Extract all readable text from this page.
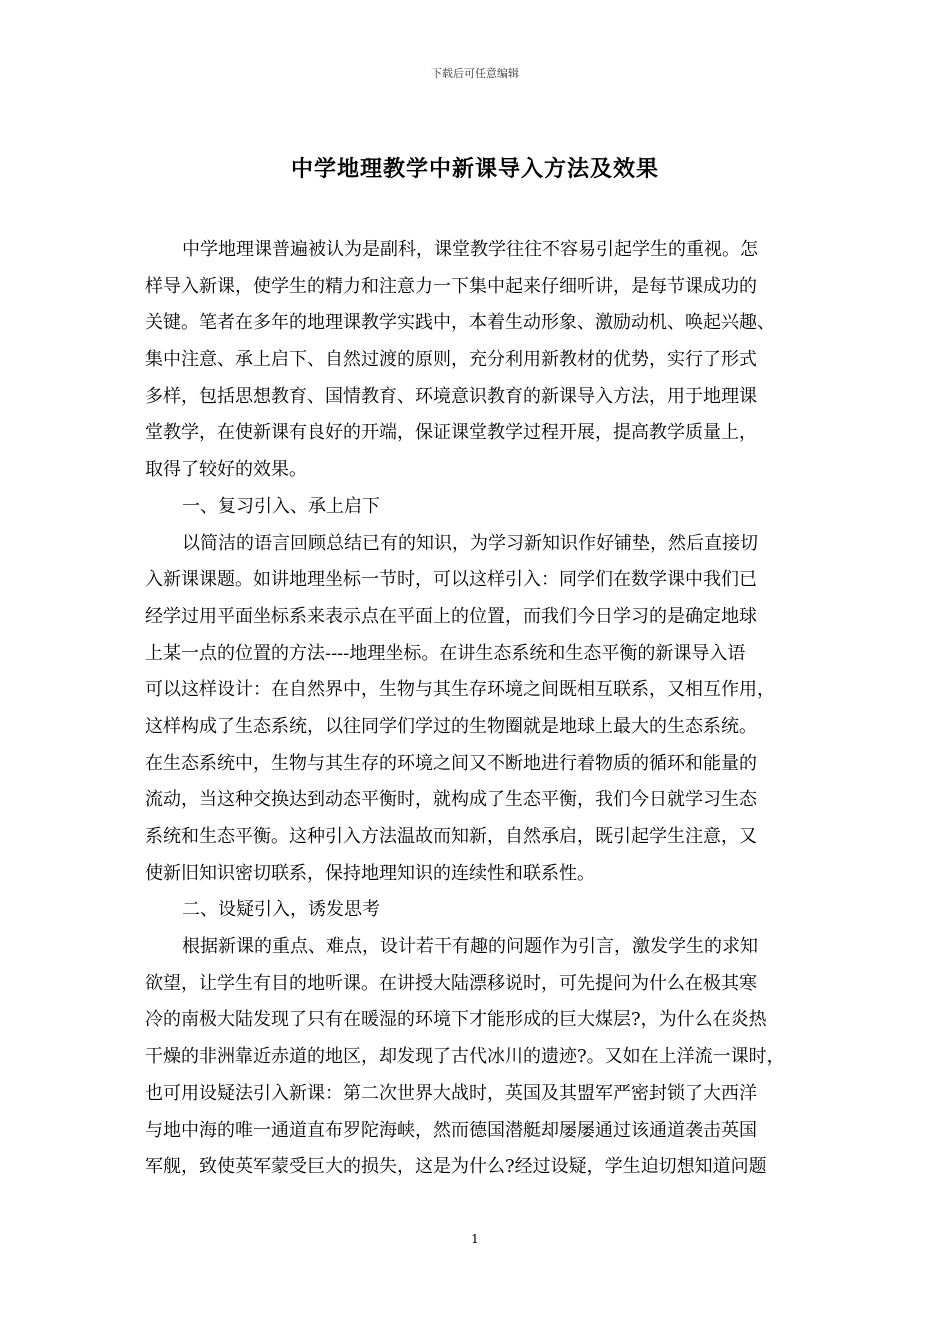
下载后可任意编辑
中学地理教学中新课导入方法及效果
中学地理课普遍被认为是副科，课堂教学往往不容易引起学生的重视。怎
样导入新课，使学生的精力和注意力一下集中起来仔细听讲，是每节课成功的
关键。笔者在多年的地理课教学实践中，本着生动形象、激励动机、唤起兴趣、
集中注意、承上启下、自然过渡的原则，充分利用新教材的优势，实行了形式
多样，包括思想教育、国情教育、环境意识教育的新课导入方法，用于地理课
堂教学，在使新课有良好的开端，保证课堂教学过程开展，提高教学质量上，
取得了较好的效果。
一、复习引入、承上启下
以简洁的语言回顾总结已有的知识，为学习新知识作好铺垫，然后直接切
入新课课题。如讲地理坐标一节时，可以这样引入：同学们在数学课中我们已
经学过用平面坐标系来表示点在平面上的位置，而我们今日学习的是确定地球
上某一点的位置的方法----地理坐标。在讲生态系统和生态平衡的新课导入语
可以这样设计：在自然界中，生物与其生存环境之间既相互联系，又相互作用，
这样构成了生态系统，以往同学们学过的生物圈就是地球上最大的生态系统。
在生态系统中，生物与其生存的环境之间又不断地进行着物质的循环和能量的
流动，当这种交换达到动态平衡时，就构成了生态平衡，我们今日就学习生态
系统和生态平衡。这种引入方法温故而知新，自然承启，既引起学生注意，又
使新旧知识密切联系，保持地理知识的连续性和联系性。
二、设疑引入，诱发思考
根据新课的重点、难点，设计若干有趣的问题作为引言，激发学生的求知
欲望，让学生有目的地听课。在讲授大陆漂移说时，可先提问为什么在极其寒
冷的南极大陆发现了只有在暖湿的环境下才能形成的巨大煤层?，为什么在炎热
干燥的非洲靠近赤道的地区，却发现了古代冰川的遗迹?。又如在上洋流一课时，
也可用设疑法引入新课：第二次世界大战时，英国及其盟军严密封锁了大西洋
与地中海的唯一通道直布罗陀海峡，然而德国潜艇却屡屡通过该通道袭击英国
军舰，致使英军蒙受巨大的损失，这是为什么?经过设疑，学生迫切想知道问题
1
